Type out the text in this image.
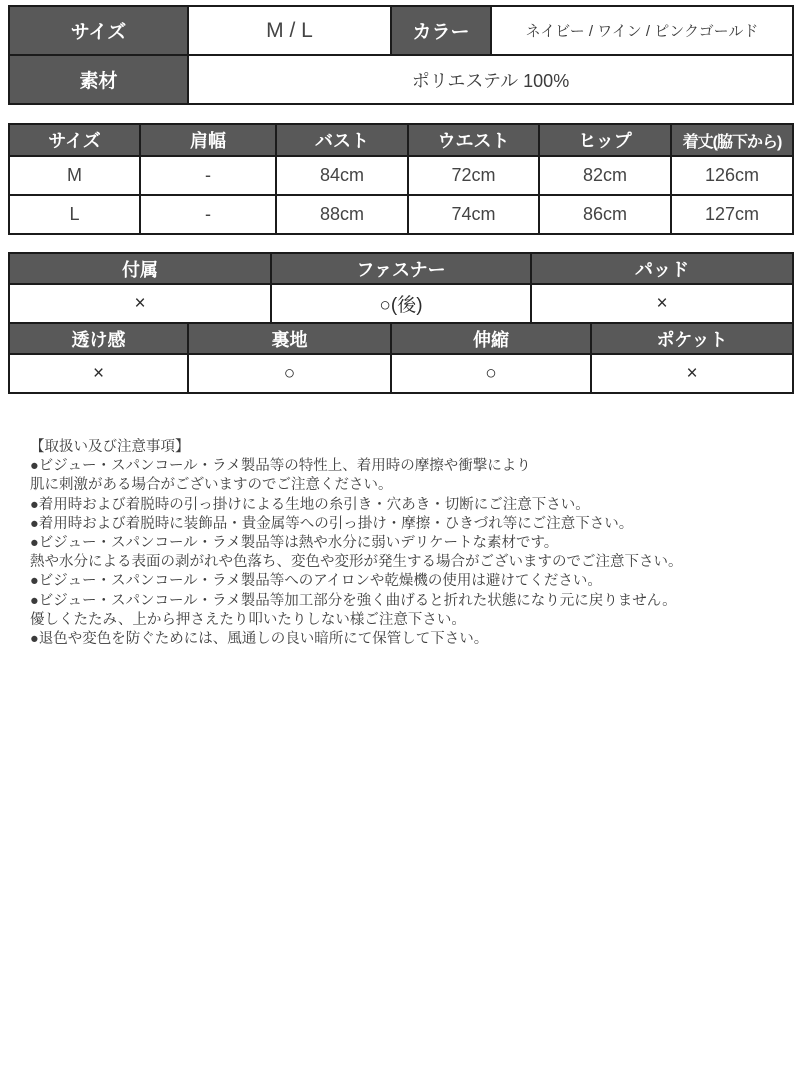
サイズ	M / L	カラー	ネイビー / ワイン / ピンクゴールド
素材	ポリエステル 100%		
サイズ	肩幅	バスト	ウエスト	ヒップ	着丈(脇下から)
M	-	84cm	72cm	82cm	126cm
L	-	88cm	74cm	86cm	127cm
付属	ファスナー	パッド
×	○(後)	×
透け感	裏地	伸縮	ポケット
×	○	○	×
【取扱い及び注意事項】
●ビジュー・スパンコール・ラメ製品等の特性上、着用時の摩擦や衝撃により
肌に刺激がある場合がございますのでご注意ください。
●着用時および着脱時の引っ掛けによる生地の糸引き・穴あき・切断にご注意下さい。
●着用時および着脱時に装飾品・貴金属等への引っ掛け・摩擦・ひきづれ等にご注意下さい。
●ビジュー・スパンコール・ラメ製品等は熱や水分に弱いデリケートな素材です。
熱や水分による表面の剥がれや色落ち、変色や変形が発生する場合がございますのでご注意下さい。
●ビジュー・スパンコール・ラメ製品等へのアイロンや乾燥機の使用は避けてください。
●ビジュー・スパンコール・ラメ製品等加工部分を強く曲げると折れた状態になり元に戻りません。
優しくたたみ、上から押さえたり叩いたりしない様ご注意下さい。
●退色や変色を防ぐためには、風通しの良い暗所にて保管して下さい。
